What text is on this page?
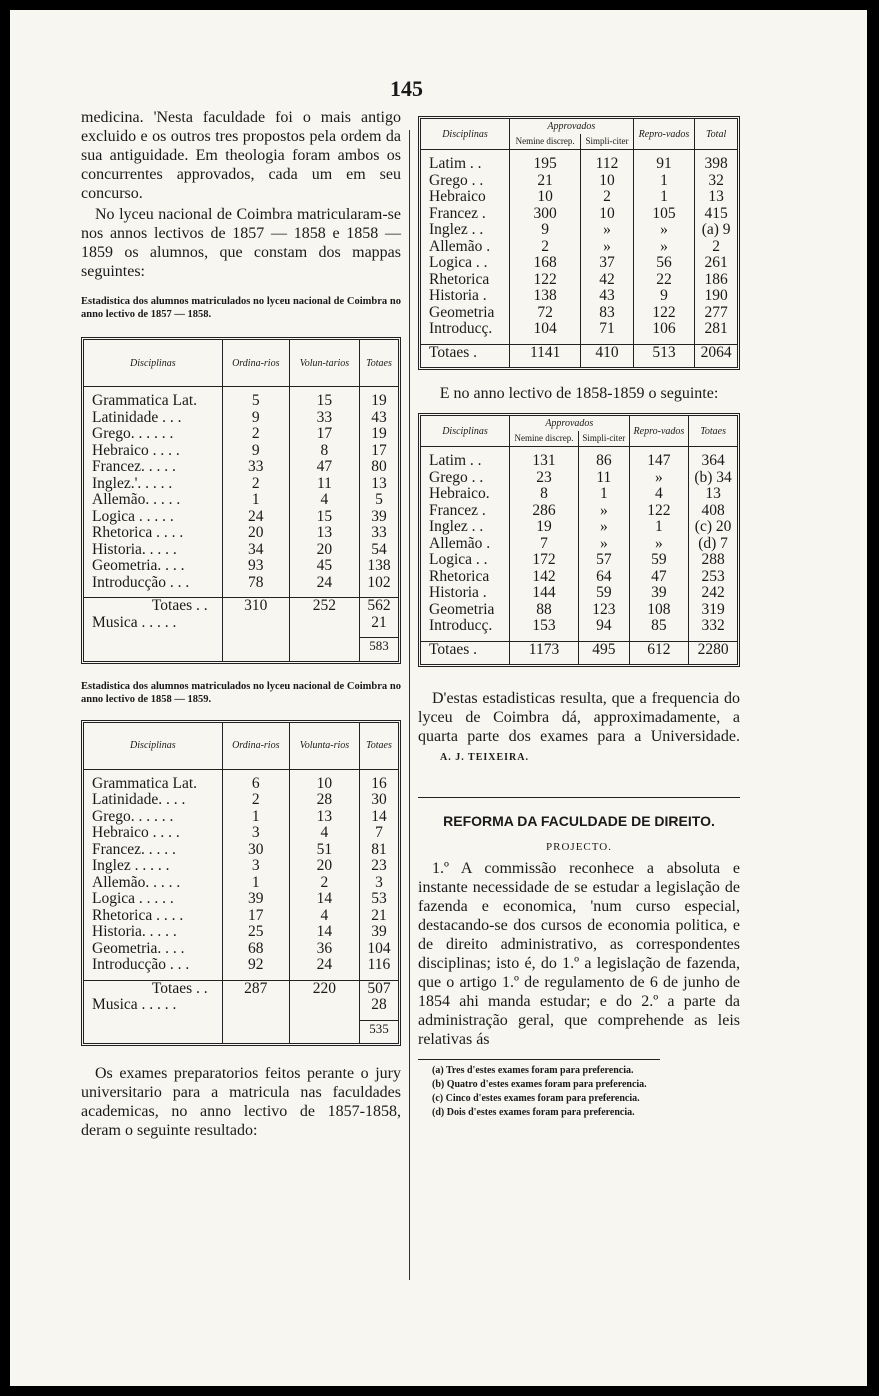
145

medicina. 'Nesta faculdade foi o mais antigo excluido e os outros tres propostos pela ordem da sua antiguidade. Em theologia foram ambos os concurrentes approvados, cada um em seu concurso.

No lyceu nacional de Coimbra matricularam-se nos annos lectivos de 1857 — 1858 e 1858 — 1859 os alumnos, que constam dos mappas seguintes:

Estadistica dos alumnos matriculados no lyceu nacional de Coimbra no anno lectivo de 1857 — 1858.

Disciplinas	Ordina-rios	Volun-tarios	Totaes

Grammatica Lat.	5	15	19
Latinidade . . .	9	33	43
Grego. . . . . .	2	17	19
Hebraico . . . .	9	8	17
Francez. . . . .	33	47	80
Inglez.'. . . . .	2	11	13
Allemão. . . . .	1	4	5
Logica . . . . .	24	15	39
Rhetorica . . . .	20	13	33
Historia. . . . .	34	20	54
Geometria. . . .	93	45	138
Introducção . . .	78	24	102

Totaes . .	310	252	562
Musica . . . . .			21

			583

Estadistica dos alumnos matriculados no lyceu nacional de Coimbra no anno lectivo de 1858 — 1859.

Disciplinas	Ordina-rios	Volunta-rios	Totaes

Grammatica Lat.	6	10	16
Latinidade. . . .	2	28	30
Grego. . . . . .	1	13	14
Hebraico . . . .	3	4	7
Francez. . . . .	30	51	81
Inglez . . . . .	3	20	23
Allemão. . . . .	1	2	3
Logica . . . . .	39	14	53
Rhetorica . . . .	17	4	21
Historia. . . . .	25	14	39
Geometria. . . .	68	36	104
Introducção . . .	92	24	116

Totaes . .	287	220	507
Musica . . . . .			28

			535

Os exames preparatorios feitos perante o jury universitario para a matricula nas faculdades academicas, no anno lectivo de 1857-1858, deram o seguinte resultado:

Disciplinas	Approvados		Repro-vados	Total
	Nemine discrep.	Simpli-citer		

Latim . .	195	112	91	398
Grego . .	21	10	1	32
Hebraico	10	2	1	13
Francez .	300	10	105	415
Inglez . .	9	»	»	(a) 9
Allemão .	2	»	»	2
Logica . .	168	37	56	261
Rhetorica	122	42	22	186
Historia .	138	43	9	190
Geometria	72	83	122	277
Introducç.	104	71	106	281

Totaes .	1141	410	513	2064

E no anno lectivo de 1858-1859 o seguinte:

Disciplinas	Approvados		Repro-vados	Totaes
	Nemine discrep.	Simpli-citer		

Latim . .	131	86	147	364
Grego . .	23	11	»	(b) 34
Hebraico.	8	1	4	13
Francez .	286	»	122	408
Inglez . .	19	»	1	(c) 20
Allemão .	7	»	»	(d) 7
Logica . .	172	57	59	288
Rhetorica	142	64	47	253
Historia .	144	59	39	242
Geometria	88	123	108	319
Introducç.	153	94	85	332

Totaes .	1173	495	612	2280

D'estas estadisticas resulta, que a frequencia do lyceu de Coimbra dá, approximadamente, a quarta parte dos exames para a Universidade. A. J. TEIXEIRA.

REFORMA DA FACULDADE DE DIREITO.

PROJECTO.

1.º A commissão reconhece a absoluta e instante necessidade de se estudar a legislação de fazenda e economica, 'num curso especial, destacando-se dos cursos de economia politica, e de direito administrativo, as correspondentes disciplinas; isto é, do 1.º a legislação de fazenda, que o artigo 1.º de regulamento de 6 de junho de 1854 ahi manda estudar; e do 2.º a parte da administração geral, que comprehende as leis relativas ás

(a) Tres d'estes exames foram para preferencia.

(b) Quatro d'estes exames foram para preferencia.

(c) Cinco d'estes exames foram para preferencia.

(d) Dois d'estes exames foram para preferencia.
